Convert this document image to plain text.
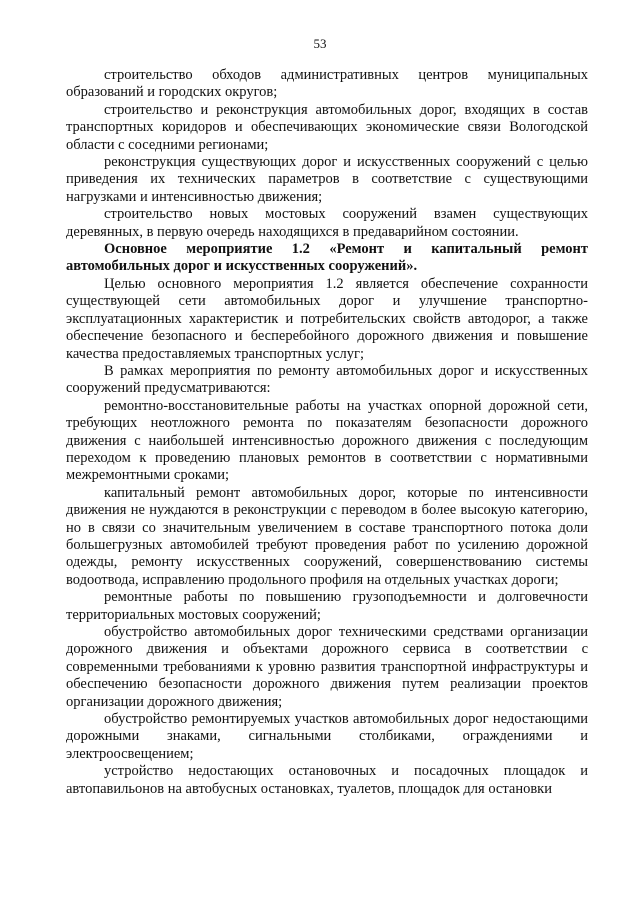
53

строительство обходов административных центров муниципальных образований и городских округов;

строительство и реконструкция автомобильных дорог, входящих в состав транспортных коридоров и обеспечивающих экономические связи Вологодской области с соседними регионами;

реконструкция существующих дорог и искусственных сооружений с целью приведения их технических параметров в соответствие с существующими нагрузками и интенсивностью движения;

строительство новых мостовых сооружений взамен существующих деревянных, в первую очередь находящихся в предаварийном состоянии.

Основное мероприятие 1.2 «Ремонт и капитальный ремонт автомобильных дорог и искусственных сооружений».

Целью основного мероприятия 1.2 является обеспечение сохранности существующей сети автомобильных дорог и улучшение транспортно-эксплуатационных характеристик и потребительских свойств автодорог, а также обеспечение безопасного и бесперебойного дорожного движения и повышение качества предоставляемых транспортных услуг;

В рамках мероприятия по ремонту автомобильных дорог и искусственных сооружений предусматриваются:

ремонтно-восстановительные работы на участках опорной дорожной сети, требующих неотложного ремонта по показателям безопасности дорожного движения с наибольшей интенсивностью дорожного движения с последующим переходом к проведению плановых ремонтов в соответствии с нормативными межремонтными сроками;

капитальный ремонт автомобильных дорог, которые по интенсивности движения не нуждаются в реконструкции с переводом в более высокую категорию, но в связи со значительным увеличением в составе транспортного потока доли большегрузных автомобилей требуют проведения работ по усилению дорожной одежды, ремонту искусственных сооружений, совершенствованию системы водоотвода, исправлению продольного профиля на отдельных участках дороги;

ремонтные работы по повышению грузоподъемности и долговечности территориальных мостовых сооружений;

обустройство автомобильных дорог техническими средствами организации дорожного движения и объектами дорожного сервиса в соответствии с современными требованиями к уровню развития транспортной инфраструктуры и обеспечению безопасности дорожного движения путем реализации проектов организации дорожного движения;

обустройство ремонтируемых участков автомобильных дорог недостающими дорожными знаками, сигнальными столбиками, ограждениями и электроосвещением;

устройство недостающих остановочных и посадочных площадок и автопавильонов на автобусных остановках, туалетов, площадок для остановки
